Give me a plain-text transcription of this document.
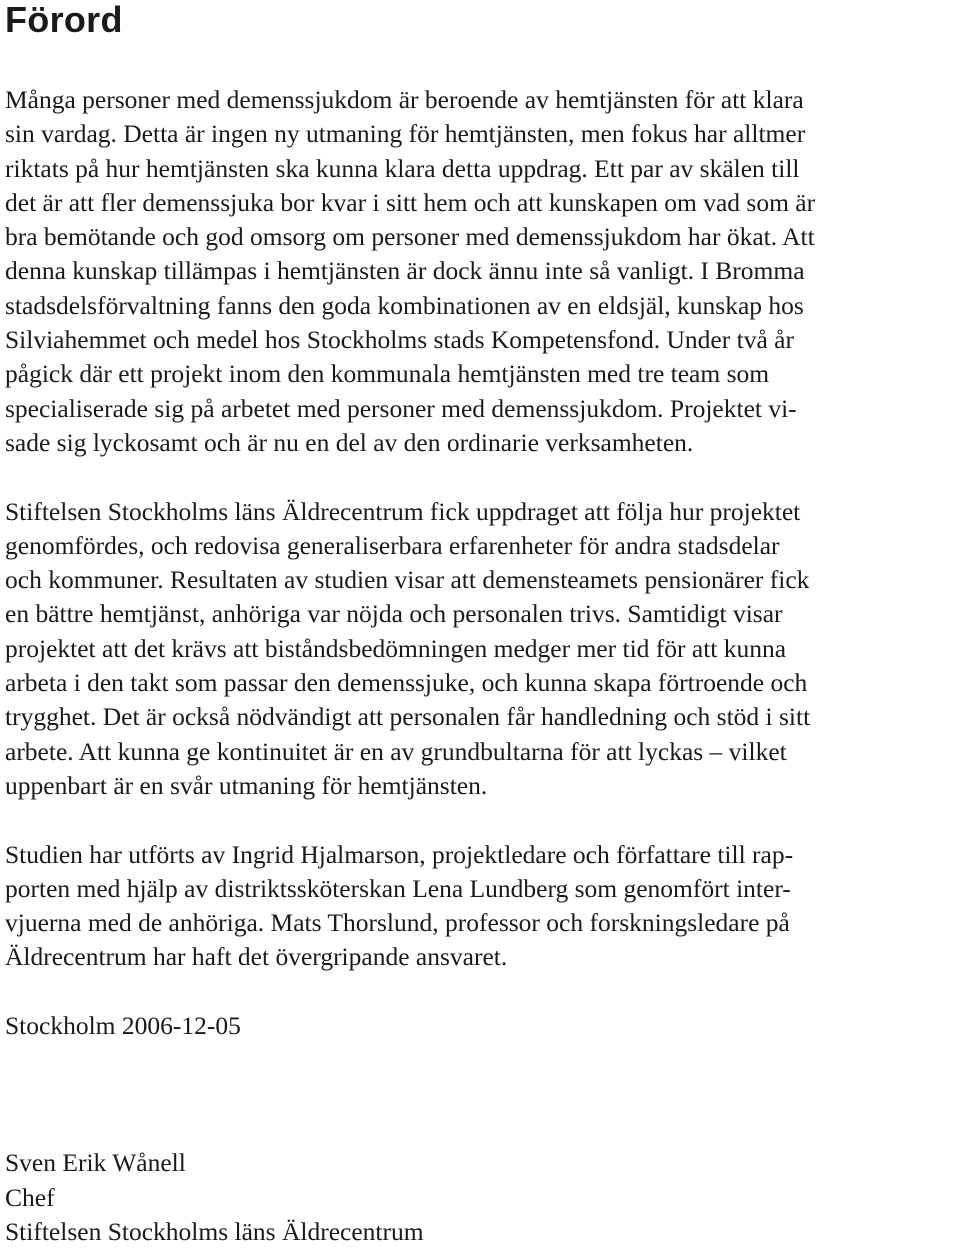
Förord
Många personer med demenssjukdom är beroende av hemtjänsten för att klara
sin vardag. Detta är ingen ny utmaning för hemtjänsten, men fokus har alltmer
riktats på hur hemtjänsten ska kunna klara detta uppdrag. Ett par av skälen till
det är att fler demenssjuka bor kvar i sitt hem och att kunskapen om vad som är
bra bemötande och god omsorg om personer med demenssjukdom har ökat. Att
denna kunskap tillämpas i hemtjänsten är dock ännu inte så vanligt. I Bromma
stadsdelsförvaltning fanns den goda kombinationen av en eldsjäl, kunskap hos
Silviahemmet och medel hos Stockholms stads Kompetensfond. Under två år
pågick där ett projekt inom den kommunala hemtjänsten med tre team som
specialiserade sig på arbetet med personer med demenssjukdom. Projektet vi-
sade sig lyckosamt och är nu en del av den ordinarie verksamheten.
Stiftelsen Stockholms läns Äldrecentrum fick uppdraget att följa hur projektet
genomfördes, och redovisa generaliserbara erfarenheter för andra stadsdelar
och kommuner. Resultaten av studien visar att demensteamets pensionärer fick
en bättre hemtjänst, anhöriga var nöjda och personalen trivs. Samtidigt visar
projektet att det krävs att biståndsbedömningen medger mer tid för att kunna
arbeta i den takt som passar den demenssjuke, och kunna skapa förtroende och
trygghet. Det är också nödvändigt att personalen får handledning och stöd i sitt
arbete. Att kunna ge kontinuitet är en av grundbultarna för att lyckas – vilket
uppenbart är en svår utmaning för hemtjänsten.
Studien har utförts av Ingrid Hjalmarson, projektledare och författare till rap-
porten med hjälp av distriktssköterskan Lena Lundberg som genomfört inter-
vjuerna med de anhöriga. Mats Thorslund, professor och forskningsledare på
Äldrecentrum har haft det övergripande ansvaret.
Stockholm 2006-12-05
Sven Erik Wånell
Chef
Stiftelsen Stockholms läns Äldrecentrum
